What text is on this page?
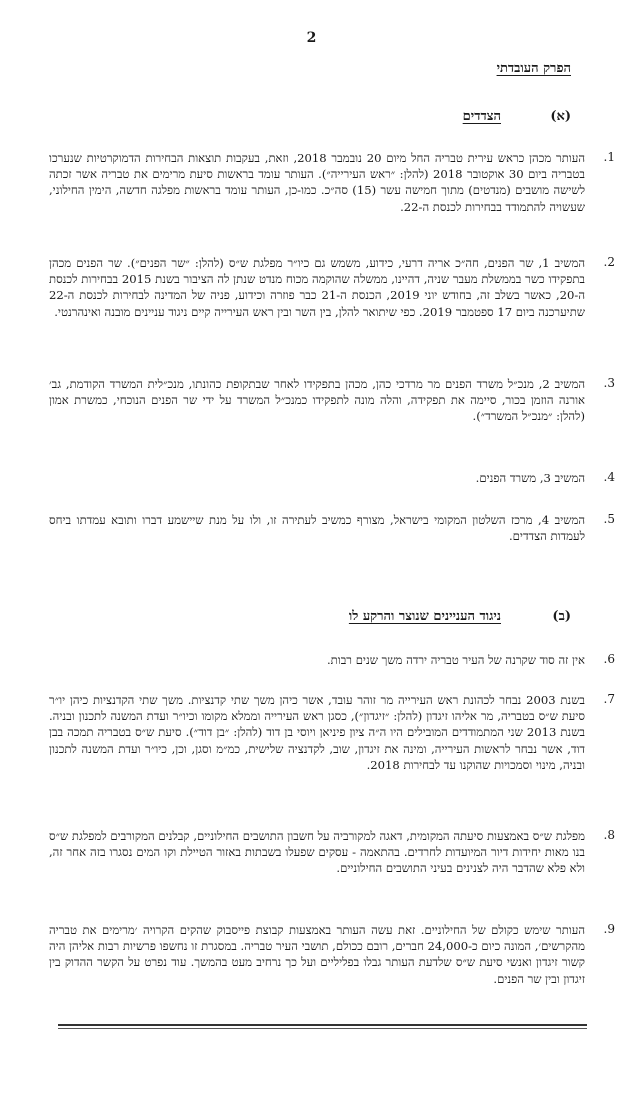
2
הפרק העובדתי
(א)
הצדדים
.1

העותר מכהן כראש עירית טבריה החל מיום 20 נובמבר 2018, וזאת, בעקבות תוצאות הבחירות הדמוקרטיות שנערכו בטבריה ביום 30 אוקטובר 2018 (להלן: ״ראש העירייה״). העותר עומד בראשות סיעת מרימים את טבריה אשר זכתה לשישה מושבים (מנדטים) מתוך חמישה עשר (15) סה״כ. כמו-כן, העותר עומד בראשות מפלגה חדשה, הימין החילוני, שעשויה להתמודד בבחירות לכנסת ה-22.

.2

המשיב 1, שר הפנים, חה״כ אריה דרעי, כידוע, משמש גם כיו״ר מפלגת ש״ס (להלן: ״שר הפנים״). שר הפנים מכהן בתפקידו כשר בממשלת מעבר שניה, דהיינו, ממשלה שהוקמה מכוח מנדט שנתן לה הציבור בשנת 2015 בבחירות לכנסת ה-20, כאשר בשלב זה, בחודש יוני 2019, הכנסת ה-21 כבר פוזרה וכידוע, פניה של המדינה לבחירות לכנסת ה-22 שתיערכנה ביום 17 ספטמבר 2019. כפי שיתואר להלן, בין השר ובין ראש העירייה קיים ניגוד עניינים מובנה ואינהרנטי.

.3

המשיב 2, מנכ״ל משרד הפנים מר מרדכי כהן, מכהן בתפקידו לאחר שבתקופת כהונתו, מנכ״לית המשרד הקודמת, גב׳ אורנה הוזמן בכור, סיימה את תפקידה, והלה מונה לתפקידו כמנכ״ל המשרד על ידי שר הפנים הנוכחי, כמשרת אמון (להלן: ״מנכ״ל המשרד״).

.4

המשיב 3, משרד הפנים.

.5

המשיב 4, מרכז השלטון המקומי בישראל, מצורף כמשיב לעתירה זו, ולו על מנת שיישמע דברו ותובא עמדתו ביחס לעמדות הצדדים.

(ב)
ניגוד העניינים שנוצר והרקע לו
.6

אין זה סוד שקרנה של העיר טבריה ירדה משך שנים רבות.

.7

בשנת 2003 נבחר לכהונת ראש העירייה מר זוהר עובד, אשר כיהן משך שתי קדנציות. משך שתי הקדנציות כיהן יו״ר סיעת ש״ס בטבריה, מר אליהו זיגדון (להלן: ״זיגדון״), כסגן ראש העירייה וממלא מקומו וכיו״ר ועדת המשנה לתכנון ובניה. בשנת 2013 שני המתמודדים המובילים היו ה״ה ציון פיניאן ויוסי בן דוד (להלן: ״בן דוד״). סיעת ש״ס בטבריה תמכה בבן דוד, אשר נבחר לראשות העירייה, ומינה את זיגדון, שוב, לקדנציה שלישית, כמ״מ וסגן, וכן, כיו״ר ועדת המשנה לתכנון ובניה, מינוי וסמכויות שהוקנו עד לבחירות 2018.

.8

מפלגת ש״ס באמצעות סיעתה המקומית, דאגה למקורביה על חשבון התושבים החילוניים, קבלנים המקורבים למפלגת ש״ס בנו מאות יחידות דיור המיועדות לחרדים. בהתאמה - עסקים שפעלו בשבתות באזור הטיילת וקו המים נסגרו בזה אחר זה, ולא פלא שהדבר היה לצנינים בעיני התושבים החילוניים.

.9

העותר שימש כקולם של החילוניים. זאת עשה העותר באמצעות קבוצת פייסבוק שהקים הקרויה ׳מרימים את טבריה מהקרשים׳, המונה כיום כ-24,000 חברים, רובם ככולם, תושבי העיר טבריה. במסגרת זו נחשפו פרשיות רבות אליהן היה קשור זיגדון ואנשי סיעת ש״ס שלדעת העותר גבלו בפליליים ועל כך נרחיב מעט בהמשך. עוד נפרט על הקשר ההדוק בין זיגדון ובין שר הפנים.
